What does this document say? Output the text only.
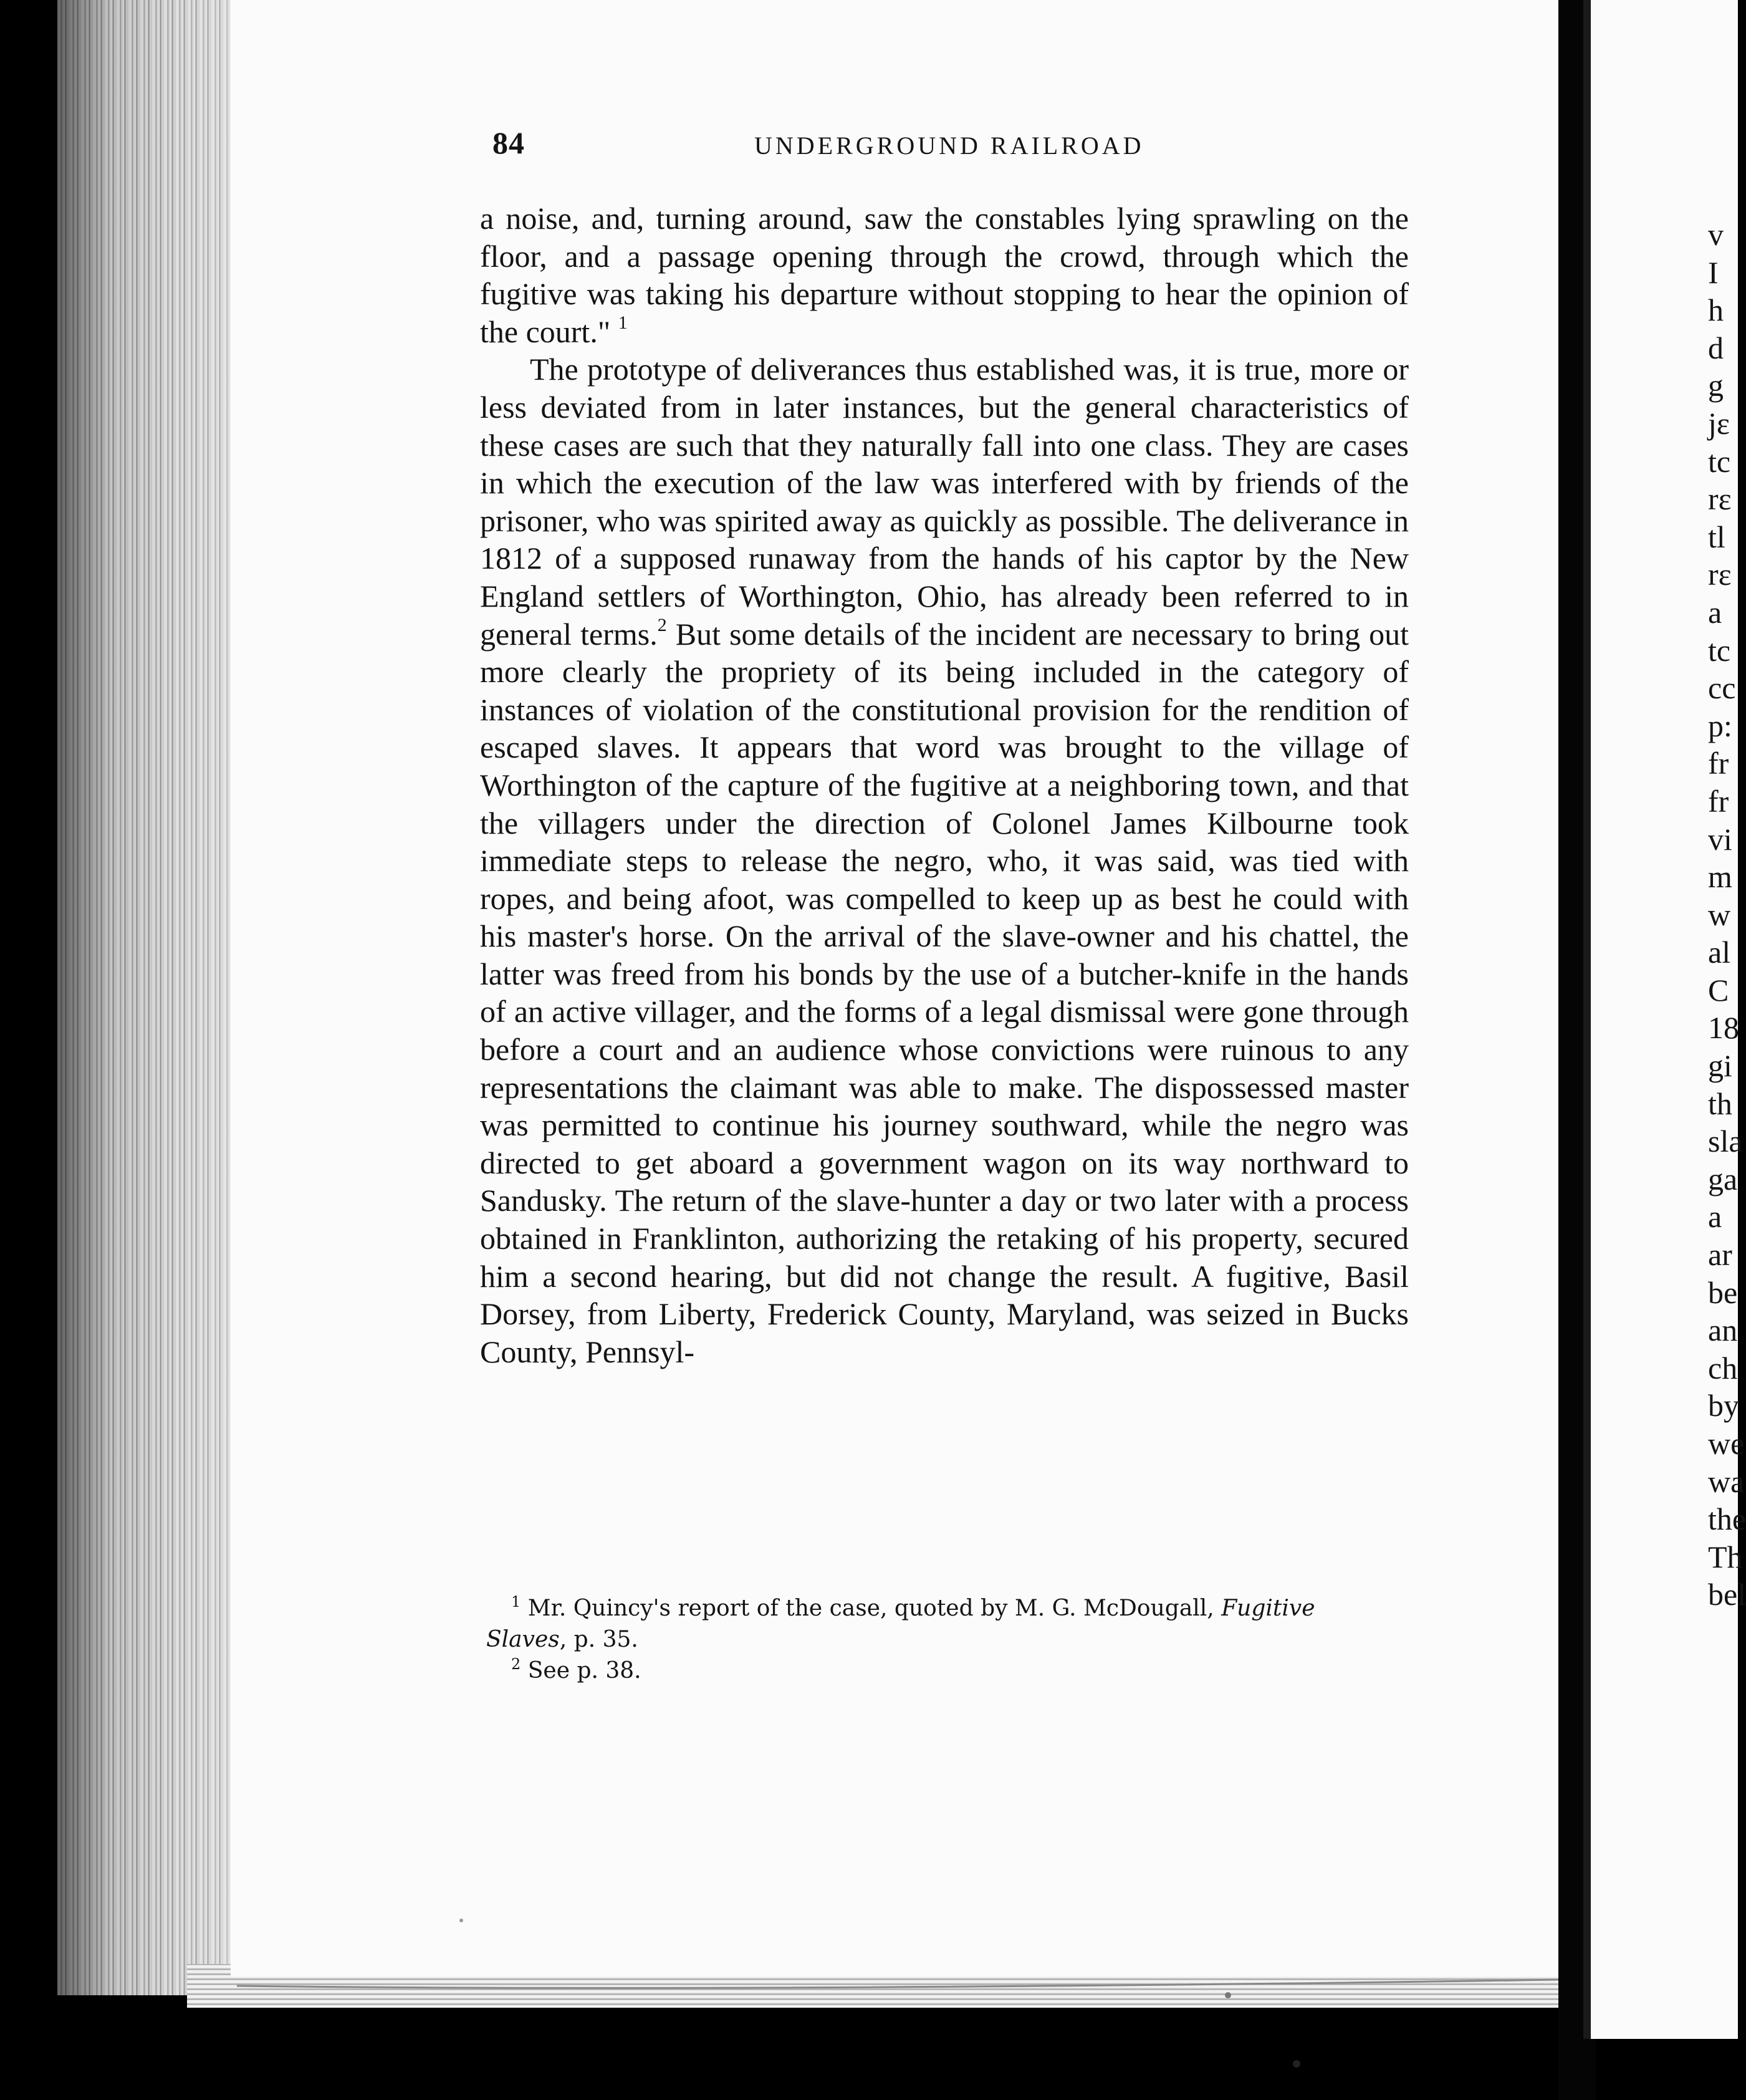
84	UNDERGROUND RAILROAD

a noise, and, turning around, saw the constables lying sprawling on the floor, and a passage opening through the crowd, through which the fugitive was taking his departure without stopping to hear the opinion of the court." $^1$

The prototype of deliverances thus established was, it is true, more or less deviated from in later instances, but the general characteristics of these cases are such that they naturally fall into one class. They are cases in which the execution of the law was interfered with by friends of the prisoner, who was spirited away as quickly as possible. The deliverance in 1812 of a supposed runaway from the hands of his captor by the New England settlers of Worthington, Ohio, has already been referred to in general terms.$^2$ But some details of the incident are necessary to bring out more clearly the propriety of its being included in the category of instances of violation of the constitutional provision for the rendition of escaped slaves. It appears that word was brought to the village of Worthington of the capture of the fugitive at a neighboring town, and that the villagers under the direction of Colonel James Kilbourne took immediate steps to release the negro, who, it was said, was tied with ropes, and being afoot, was compelled to keep up as best he could with his master's horse. On the arrival of the slave-owner and his chattel, the latter was freed from his bonds by the use of a butcher-knife in the hands of an active villager, and the forms of a legal dismissal were gone through before a court and an audience whose convictions were ruinous to any representations the claimant was able to make. The dispossessed master was permitted to continue his journey southward, while the negro was directed to get aboard a government wagon on its way northward to Sandusky. The return of the slave-hunter a day or two later with a process obtained in Franklinton, authorizing the retaking of his property, secured him a second hearing, but did not change the result. A fugitive, Basil Dorsey, from Liberty, Frederick County, Maryland, was seized in Bucks County, Pennsyl-

$^1$ Mr. Quincy's report of the case, quoted by M. G. McDougall, Fugitive Slaves, p. 35.

$^2$ See p. 38.

v
I
h
d
g
jε
tc
rε
tl
rε
a
tc
cc
p:
fr
fr
vi
m
w
al
C
18
gi
th
sla
ga
a
ar
be
an
ch
by
we
wa
the
Th
bel
